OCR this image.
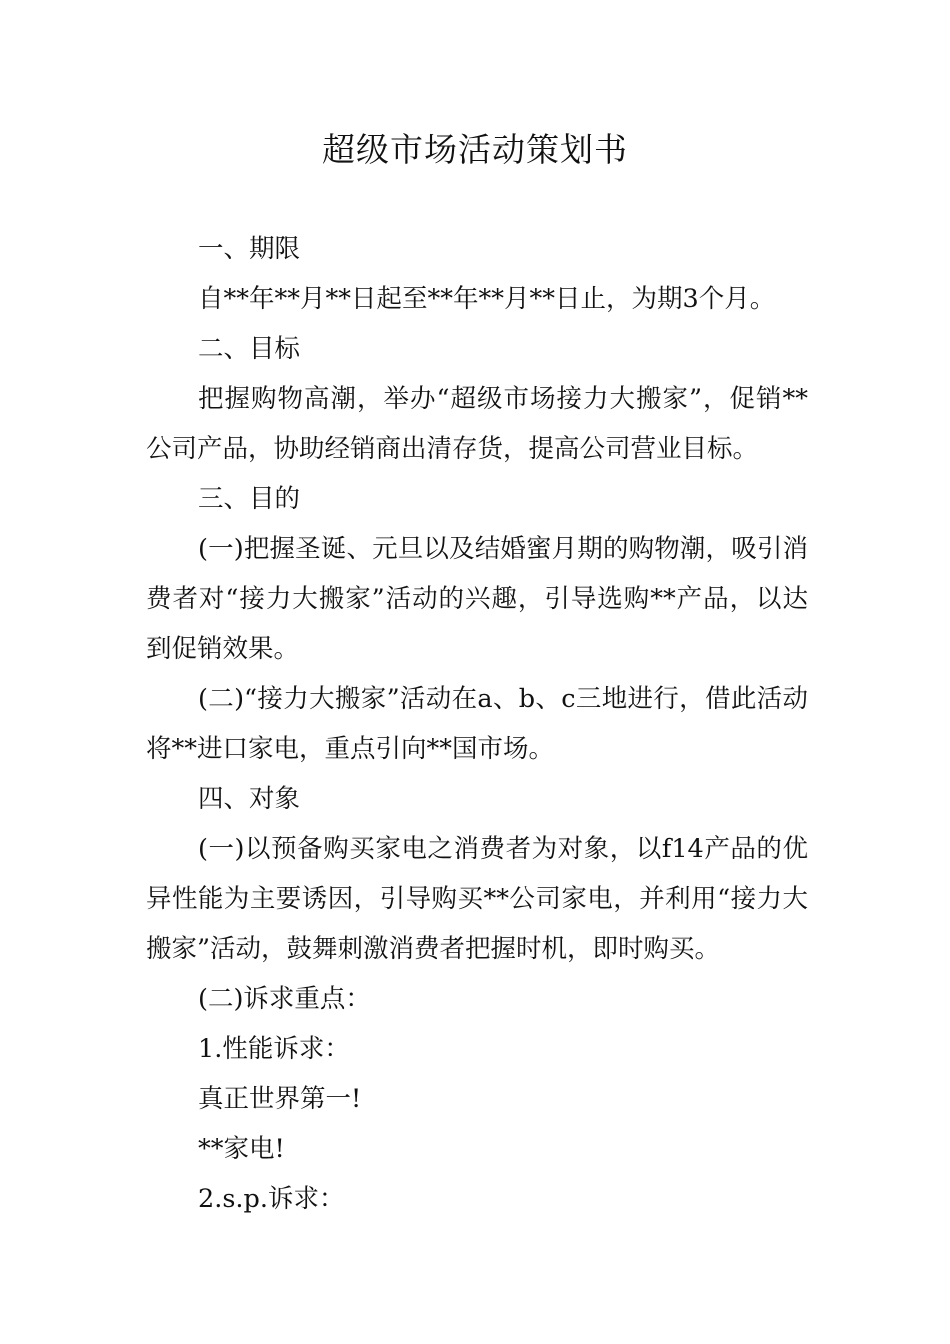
超级市场活动策划书

一、期限

自**年**月**日起至**年**月**日止，为期3个月。

二、目标

把握购物高潮，举办“超级市场接力大搬家”，促销**公司产品，协助经销商出清存货，提高公司营业目标。

三、目的

(一)把握圣诞、元旦以及结婚蜜月期的购物潮，吸引消费者对“接力大搬家”活动的兴趣，引导选购**产品，以达到促销效果。

(二)“接力大搬家”活动在a、b、c三地进行，借此活动将**进口家电，重点引向**国市场。

四、对象

(一)以预备购买家电之消费者为对象，以f14产品的优异性能为主要诱因，引导购买**公司家电，并利用“接力大搬家”活动，鼓舞刺激消费者把握时机，即时购买。

(二)诉求重点：

1.性能诉求：

真正世界第一!

**家电!

2.s.p.诉求：
